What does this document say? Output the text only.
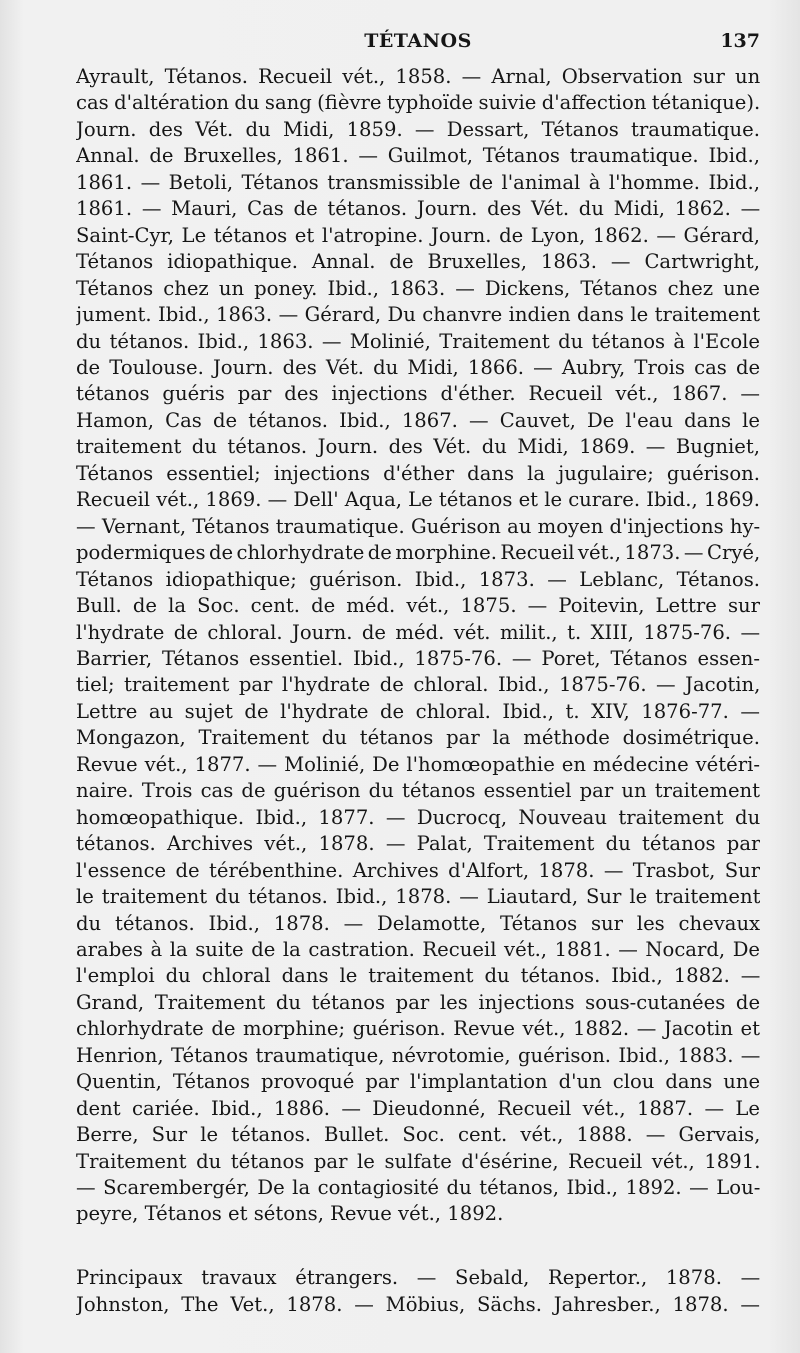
TÉTANOS	137

Ayrault, Tétanos. Recueil vét., 1858. — Arnal, Observation sur un
cas d'altération du sang (fièvre typhoïde suivie d'affection tétanique).
Journ. des Vét. du Midi, 1859. — Dessart, Tétanos traumatique.
Annal. de Bruxelles, 1861. — Guilmot, Tétanos traumatique. Ibid.,
1861. — Betoli, Tétanos transmissible de l'animal à l'homme. Ibid.,
1861. — Mauri, Cas de tétanos. Journ. des Vét. du Midi, 1862. —
Saint-Cyr, Le tétanos et l'atropine. Journ. de Lyon, 1862. — Gérard,
Tétanos idiopathique. Annal. de Bruxelles, 1863. — Cartwright,
Tétanos chez un poney. Ibid., 1863. — Dickens, Tétanos chez une
jument. Ibid., 1863. — Gérard, Du chanvre indien dans le traitement
du tétanos. Ibid., 1863. — Molinié, Traitement du tétanos à l'Ecole
de Toulouse. Journ. des Vét. du Midi, 1866. — Aubry, Trois cas de
tétanos guéris par des injections d'éther. Recueil vét., 1867. —
Hamon, Cas de tétanos. Ibid., 1867. — Cauvet, De l'eau dans le
traitement du tétanos. Journ. des Vét. du Midi, 1869. — Bugniet,
Tétanos essentiel; injections d'éther dans la jugulaire; guérison.
Recueil vét., 1869. — Dell' Aqua, Le tétanos et le curare. Ibid., 1869.
— Vernant, Tétanos traumatique. Guérison au moyen d'injections hy-
podermiques de chlorhydrate de morphine. Recueil vét., 1873. — Cryé,
Tétanos idiopathique; guérison. Ibid., 1873. — Leblanc, Tétanos.
Bull. de la Soc. cent. de méd. vét., 1875. — Poitevin, Lettre sur
l'hydrate de chloral. Journ. de méd. vét. milit., t. XIII, 1875-76. —
Barrier, Tétanos essentiel. Ibid., 1875-76. — Poret, Tétanos essen-
tiel; traitement par l'hydrate de chloral. Ibid., 1875-76. — Jacotin,
Lettre au sujet de l'hydrate de chloral. Ibid., t. XIV, 1876-77. —
Mongazon, Traitement du tétanos par la méthode dosimétrique.
Revue vét., 1877. — Molinié, De l'homœopathie en médecine vétéri-
naire. Trois cas de guérison du tétanos essentiel par un traitement
homœopathique. Ibid., 1877. — Ducrocq, Nouveau traitement du
tétanos. Archives vét., 1878. — Palat, Traitement du tétanos par
l'essence de térébenthine. Archives d'Alfort, 1878. — Trasbot, Sur
le traitement du tétanos. Ibid., 1878. — Liautard, Sur le traitement
du tétanos. Ibid., 1878. — Delamotte, Tétanos sur les chevaux
arabes à la suite de la castration. Recueil vét., 1881. — Nocard, De
l'emploi du chloral dans le traitement du tétanos. Ibid., 1882. —
Grand, Traitement du tétanos par les injections sous-cutanées de
chlorhydrate de morphine; guérison. Revue vét., 1882. — Jacotin et
Henrion, Tétanos traumatique, névrotomie, guérison. Ibid., 1883. —
Quentin, Tétanos provoqué par l'implantation d'un clou dans une
dent cariée. Ibid., 1886. — Dieudonné, Recueil vét., 1887. — Le
Berre, Sur le tétanos. Bullet. Soc. cent. vét., 1888. — Gervais,
Traitement du tétanos par le sulfate d'ésérine, Recueil vét., 1891.
— Scarembergér, De la contagiosité du tétanos, Ibid., 1892. — Lou-
peyre, Tétanos et sétons, Revue vét., 1892.

Principaux travaux étrangers. — Sebald, Repertor., 1878. —
Johnston, The Vet., 1878. — Möbius, Sächs. Jahresber., 1878. —
